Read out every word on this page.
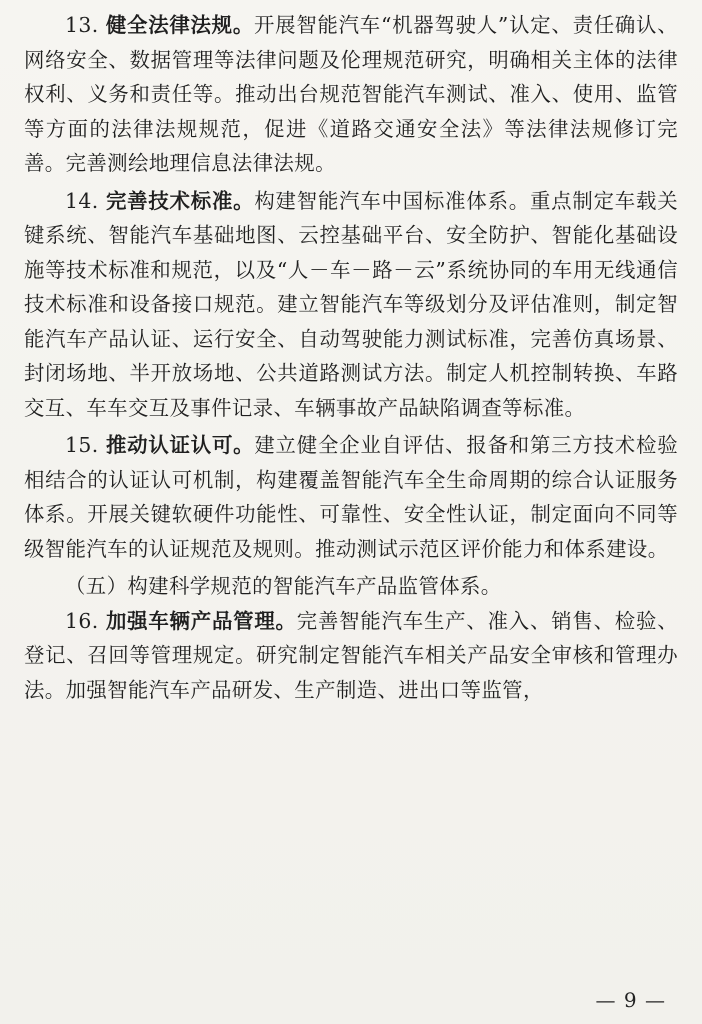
13. 健全法律法规。开展智能汽车“机器驾驶人”认定、责任确认、网络安全、数据管理等法律问题及伦理规范研究，明确相关主体的法律权利、义务和责任等。推动出台规范智能汽车测试、准入、使用、监管等方面的法律法规规范，促进《道路交通安全法》等法律法规修订完善。完善测绘地理信息法律法规。

14. 完善技术标准。构建智能汽车中国标准体系。重点制定车载关键系统、智能汽车基础地图、云控基础平台、安全防护、智能化基础设施等技术标准和规范，以及“人－车－路－云”系统协同的车用无线通信技术标准和设备接口规范。建立智能汽车等级划分及评估准则，制定智能汽车产品认证、运行安全、自动驾驶能力测试标准，完善仿真场景、封闭场地、半开放场地、公共道路测试方法。制定人机控制转换、车路交互、车车交互及事件记录、车辆事故产品缺陷调查等标准。

15. 推动认证认可。建立健全企业自评估、报备和第三方技术检验相结合的认证认可机制，构建覆盖智能汽车全生命周期的综合认证服务体系。开展关键软硬件功能性、可靠性、安全性认证，制定面向不同等级智能汽车的认证规范及规则。推动测试示范区评价能力和体系建设。

（五）构建科学规范的智能汽车产品监管体系。

16. 加强车辆产品管理。完善智能汽车生产、准入、销售、检验、登记、召回等管理规定。研究制定智能汽车相关产品安全审核和管理办法。加强智能汽车产品研发、生产制造、进出口等监管，

— 9 —
